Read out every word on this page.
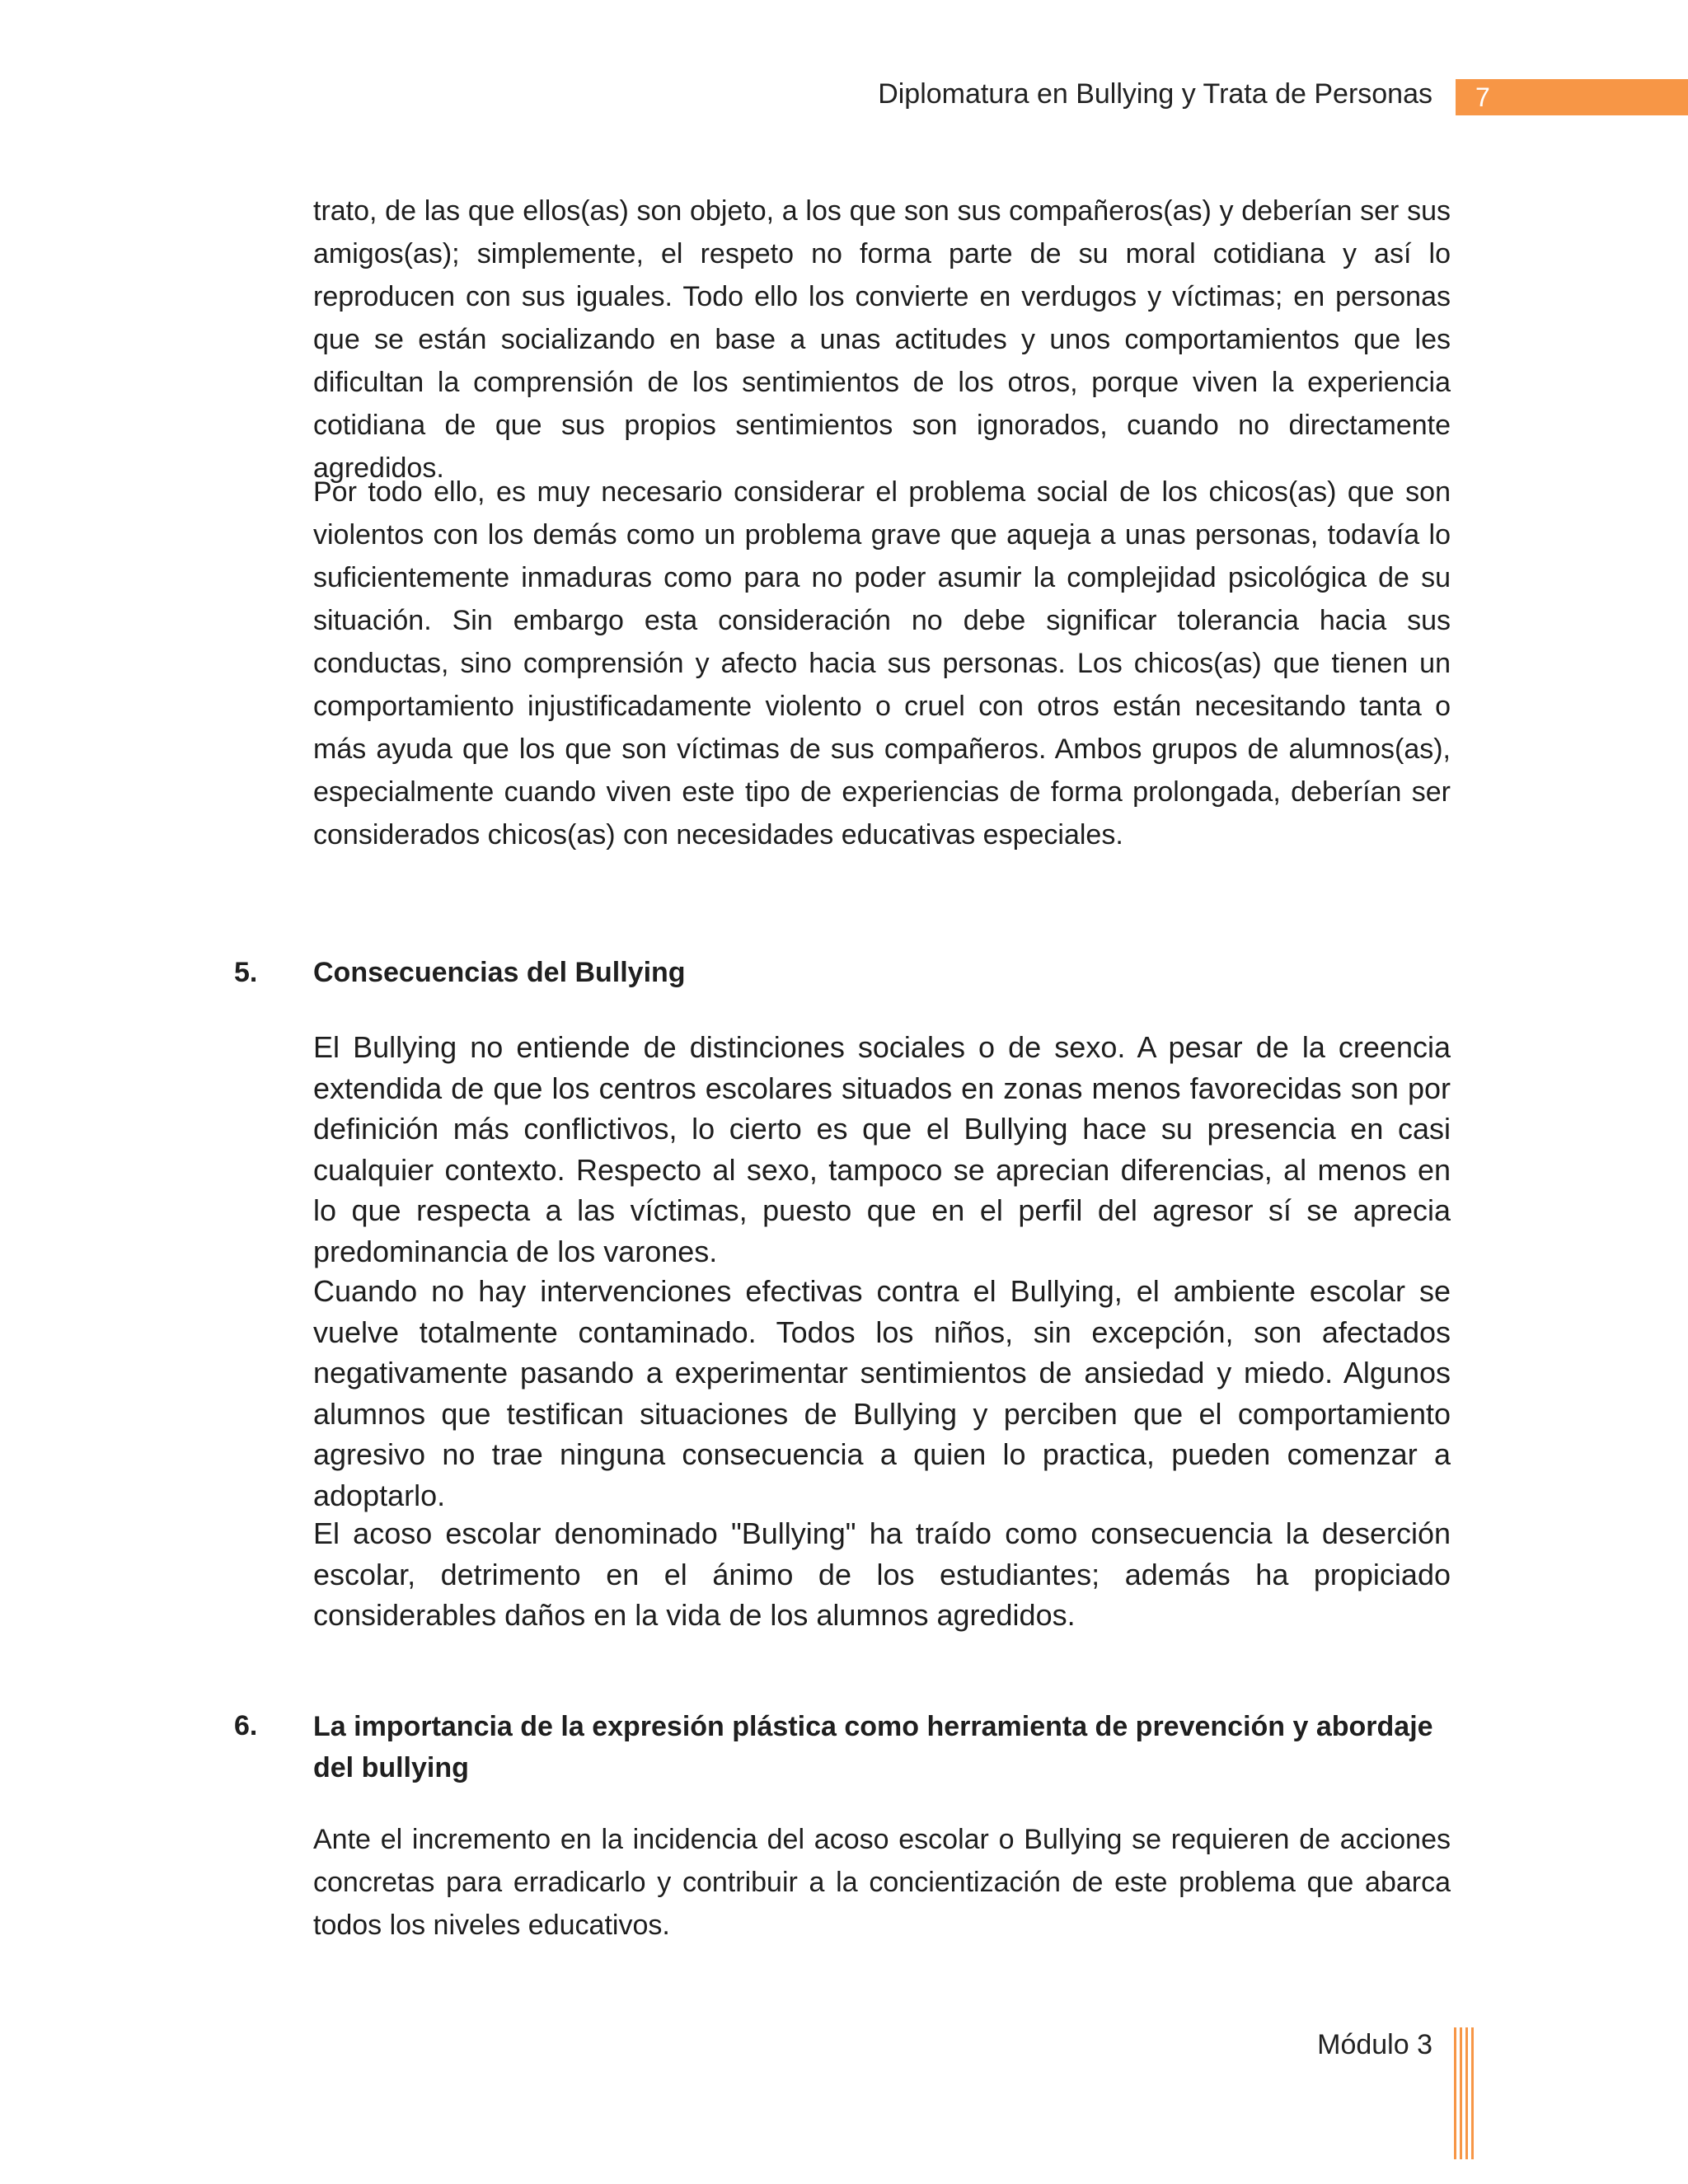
Diplomatura en Bullying y Trata de Personas	7

trato, de las que ellos(as) son objeto, a los que son sus compañeros(as) y deberían ser sus amigos(as); simplemente, el respeto no forma parte de su moral cotidiana y así lo reproducen con sus iguales. Todo ello los convierte en verdugos y víctimas; en personas que se están socializando en base a unas actitudes y unos comportamientos que les dificultan la comprensión de los sentimientos de los otros, porque viven la experiencia cotidiana de que sus propios sentimientos son ignorados, cuando no directamente agredidos.

Por todo ello, es muy necesario considerar el problema social de los chicos(as) que son violentos con los demás como un problema grave que aqueja a unas personas, todavía lo suficientemente inmaduras como para no poder asumir la complejidad psicológica de su situación. Sin embargo esta consideración no debe significar tolerancia hacia sus conductas, sino comprensión y afecto hacia sus personas. Los chicos(as) que tienen un comportamiento injustificadamente violento o cruel con otros están necesitando tanta o más ayuda que los que son víctimas de sus compañeros. Ambos grupos de alumnos(as), especialmente cuando viven este tipo de experiencias de forma prolongada, deberían ser considerados chicos(as) con necesidades educativas especiales.

5. Consecuencias del Bullying

El Bullying no entiende de distinciones sociales o de sexo. A pesar de la creencia extendida de que los centros escolares situados en zonas menos favorecidas son por definición más conflictivos, lo cierto es que el Bullying hace su presencia en casi cualquier contexto. Respecto al sexo, tampoco se aprecian diferencias, al menos en lo que respecta a las víctimas, puesto que en el perfil del agresor sí se aprecia predominancia de los varones.

Cuando no hay intervenciones efectivas contra el Bullying, el ambiente escolar se vuelve totalmente contaminado. Todos los niños, sin excepción, son afectados negativamente pasando a experimentar sentimientos de ansiedad y miedo. Algunos alumnos que testifican situaciones de Bullying y perciben que el comportamiento agresivo no trae ninguna consecuencia a quien lo practica, pueden comenzar a adoptarlo.

El acoso escolar denominado "Bullying" ha traído como consecuencia la deserción escolar, detrimento en el ánimo de los estudiantes; además ha propiciado considerables daños en la vida de los alumnos agredidos.

6. La importancia de la expresión plástica como herramienta de prevención y abordaje del bullying

Ante el incremento en la incidencia del acoso escolar o Bullying se requieren de acciones concretas para erradicarlo y contribuir a la concientización de este problema que abarca todos los niveles educativos.

Módulo 3
